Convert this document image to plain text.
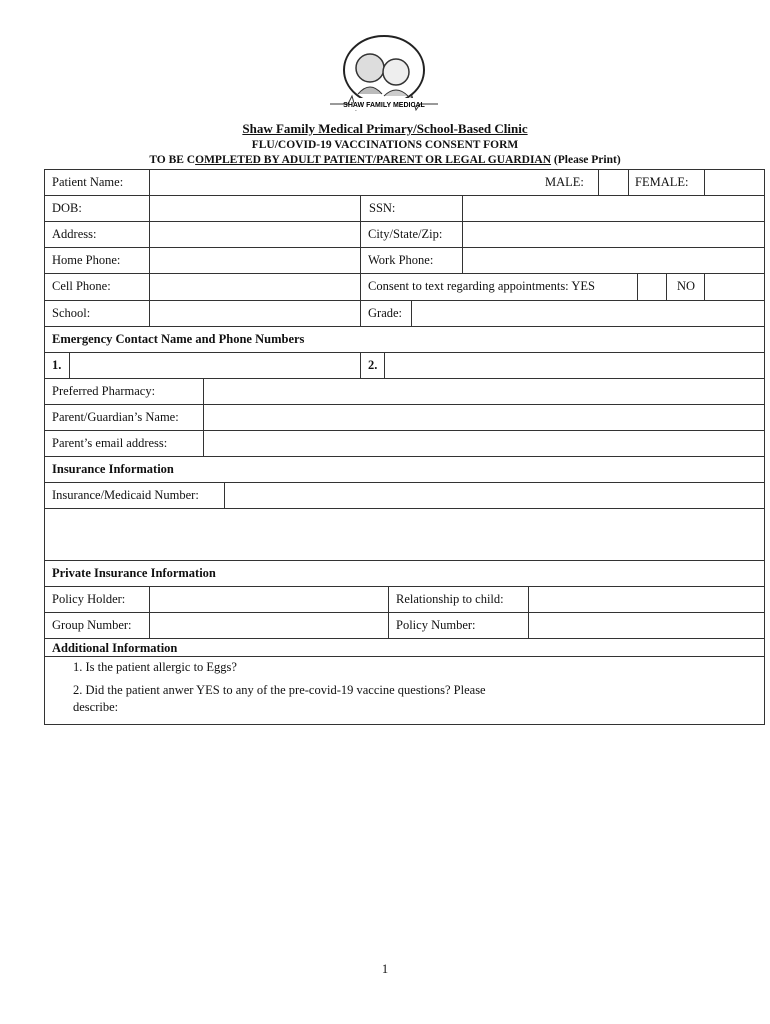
SHAW FAMILY MEDICAL
Shaw Family Medical Primary/School-Based Clinic
FLU/COVID-19 VACCINATIONS CONSENT FORM
TO BE COMPLETED BY ADULT PATIENT/PARENT OR LEGAL GUARDIAN (Please Print)
Patient Name:	MALE:	FEMALE:
DOB:	SSN:
Address:	City/State/Zip:
Home Phone:	Work Phone:
Cell Phone:	Consent to text regarding appointments: YES	NO
School:	Grade:
Emergency Contact Name and Phone Numbers
1.	2.
Preferred Pharmacy:
Parent/Guardian’s Name:
Parent’s email address:
Insurance Information
Insurance/Medicaid Number:
Private Insurance Information
Policy Holder:	Relationship to child:
Group Number:	Policy Number:
Additional Information
1. Is the patient allergic to Eggs?
2. Did the patient anwer YES to any of the pre-covid-19 vaccine questions? Please
describe:
1
